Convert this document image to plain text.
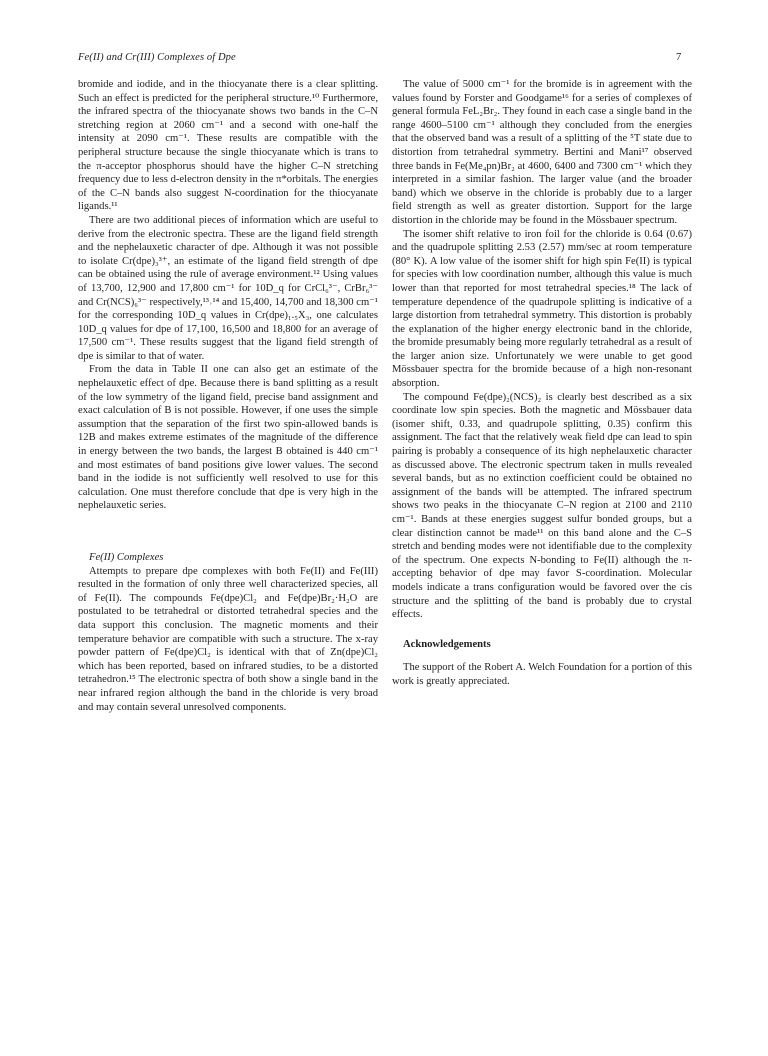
Fe(II) and Cr(III) Complexes of Dpe	7

bromide and iodide, and in the thiocyanate there is a clear splitting. Such an effect is predicted for the peripheral structure.¹⁰ Furthermore, the infrared spectra of the thiocyanate shows two bands in the C–N stretching region at 2060 cm⁻¹ and a second with one-half the intensity at 2090 cm⁻¹. These results are compatible with the peripheral structure because the single thiocyanate which is trans to the π-acceptor phosphorus should have the higher C–N stretching frequency due to less d-electron density in the π*orbitals. The energies of the C–N bands also suggest N-coordination for the thiocyanate ligands.¹¹

There are two additional pieces of information which are useful to derive from the electronic spectra. These are the ligand field strength and the nephelauxetic character of dpe. Although it was not possible to isolate Cr(dpe)₃³⁺, an estimate of the ligand field strength of dpe can be obtained using the rule of average environment.¹² Using values of 13,700, 12,900 and 17,800 cm⁻¹ for 10D_q for CrCl₆³⁻, CrBr₆³⁻ and Cr(NCS)₆³⁻ respectively,¹³˒¹⁴ and 15,400, 14,700 and 18,300 cm⁻¹ for the corresponding 10D_q values in Cr(dpe)₁.₅X₃, one calculates 10D_q values for dpe of 17,100, 16,500 and 18,800 for an average of 17,500 cm⁻¹. These results suggest that the ligand field strength of dpe is similar to that of water.

From the data in Table II one can also get an estimate of the nephelauxetic effect of dpe. Because there is band splitting as a result of the low symmetry of the ligand field, precise band assignment and exact calculation of B is not possible. However, if one uses the simple assumption that the separation of the first two spin-allowed bands is 12B and makes extreme estimates of the magnitude of the difference in energy between the two bands, the largest B obtained is 440 cm⁻¹ and most estimates of band positions give lower values. The second band in the iodide is not sufficiently well resolved to use for this calculation. One must therefore conclude that dpe is very high in the nephelauxetic series.

Fe(II) Complexes

Attempts to prepare dpe complexes with both Fe(II) and Fe(III) resulted in the formation of only three well characterized species, all of Fe(II). The compounds Fe(dpe)Cl₂ and Fe(dpe)Br₂·H₂O are postulated to be tetrahedral or distorted tetrahedral species and the data support this conclusion. The magnetic moments and their temperature behavior are compatible with such a structure. The x-ray powder pattern of Fe(dpe)Cl₂ is identical with that of Zn(dpe)Cl₂ which has been reported, based on infrared studies, to be a distorted tetrahedron.¹⁵ The electronic spectra of both show a single band in the near infrared region although the band in the chloride is very broad and may contain several unresolved components.

The value of 5000 cm⁻¹ for the bromide is in agreement with the values found by Forster and Goodgame¹⁶ for a series of complexes of general formula FeL₂Br₂. They found in each case a single band in the range 4600–5100 cm⁻¹ although they concluded from the energies that the observed band was a result of a splitting of the ⁵T state due to distortion from tetrahedral symmetry. Bertini and Mani¹⁷ observed three bands in Fe(Me₄pn)Br₂ at 4600, 6400 and 7300 cm⁻¹ which they interpreted in a similar fashion. The larger value (and the broader band) which we observe in the chloride is probably due to a larger field strength as well as greater distortion. Support for the large distortion in the chloride may be found in the Mössbauer spectrum.

The isomer shift relative to iron foil for the chloride is 0.64 (0.67) and the quadrupole splitting 2.53 (2.57) mm/sec at room temperature (80° K). A low value of the isomer shift for high spin Fe(II) is typical for species with low coordination number, although this value is much lower than that reported for most tetrahedral species.¹⁸ The lack of temperature dependence of the quadrupole splitting is indicative of a large distortion from tetrahedral symmetry. This distortion is probably the explanation of the higher energy electronic band in the chloride, the bromide presumably being more regularly tetrahedral as a result of the larger anion size. Unfortunately we were unable to get good Mössbauer spectra for the bromide because of a high non-resonant absorption.

The compound Fe(dpe)₂(NCS)₂ is clearly best described as a six coordinate low spin species. Both the magnetic and Mössbauer data (isomer shift, 0.33, and quadrupole splitting, 0.35) confirm this assignment. The fact that the relatively weak field dpe can lead to spin pairing is probably a consequence of its high nephelauxetic character as discussed above. The electronic spectrum taken in mulls revealed several bands, but as no extinction coefficient could be obtained no assignment of the bands will be attempted. The infrared spectrum shows two peaks in the thiocyanate C–N region at 2100 and 2110 cm⁻¹. Bands at these energies suggest sulfur bonded groups, but a clear distinction cannot be made¹¹ on this band alone and the C–S stretch and bending modes were not identifiable due to the complexity of the spectrum. One expects N-bonding to Fe(II) although the π-accepting behavior of dpe may favor S-coordination. Molecular models indicate a trans configuration would be favored over the cis structure and the splitting of the band is probably due to crystal effects.

Acknowledgements

The support of the Robert A. Welch Foundation for a portion of this work is greatly appreciated.
